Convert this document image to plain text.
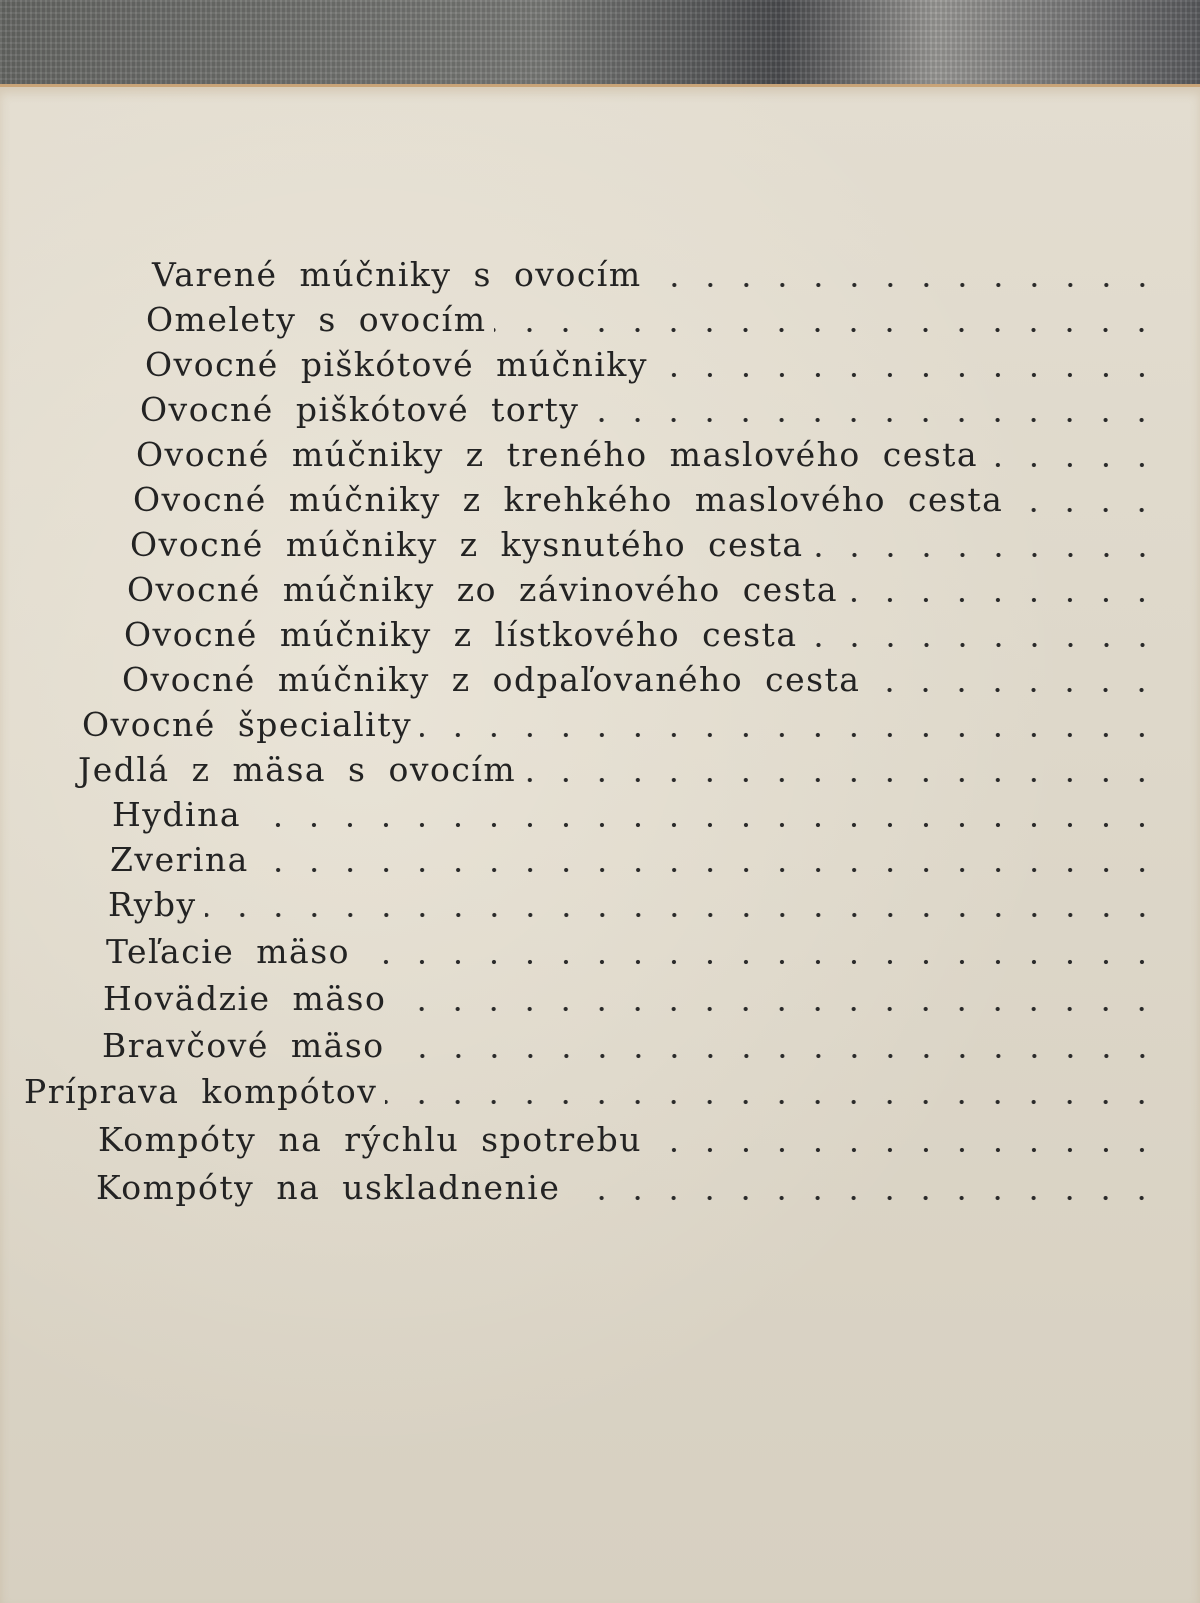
Varené múčniky s ovocím
Omelety s ovocím
Ovocné piškótové múčniky
Ovocné piškótové torty
Ovocné múčniky z treného maslového cesta
Ovocné múčniky z krehkého maslového cesta
Ovocné múčniky z kysnutého cesta
Ovocné múčniky zo závinového cesta
Ovocné múčniky z lístkového cesta
Ovocné múčniky z odpaľovaného cesta
Ovocné špeciality
Jedlá z mäsa s ovocím
Hydina
Zverina
Ryby
Teľacie mäso
Hovädzie mäso
Bravčové mäso
Príprava kompótov
Kompóty na rýchlu spotrebu
Kompóty na uskladnenie
